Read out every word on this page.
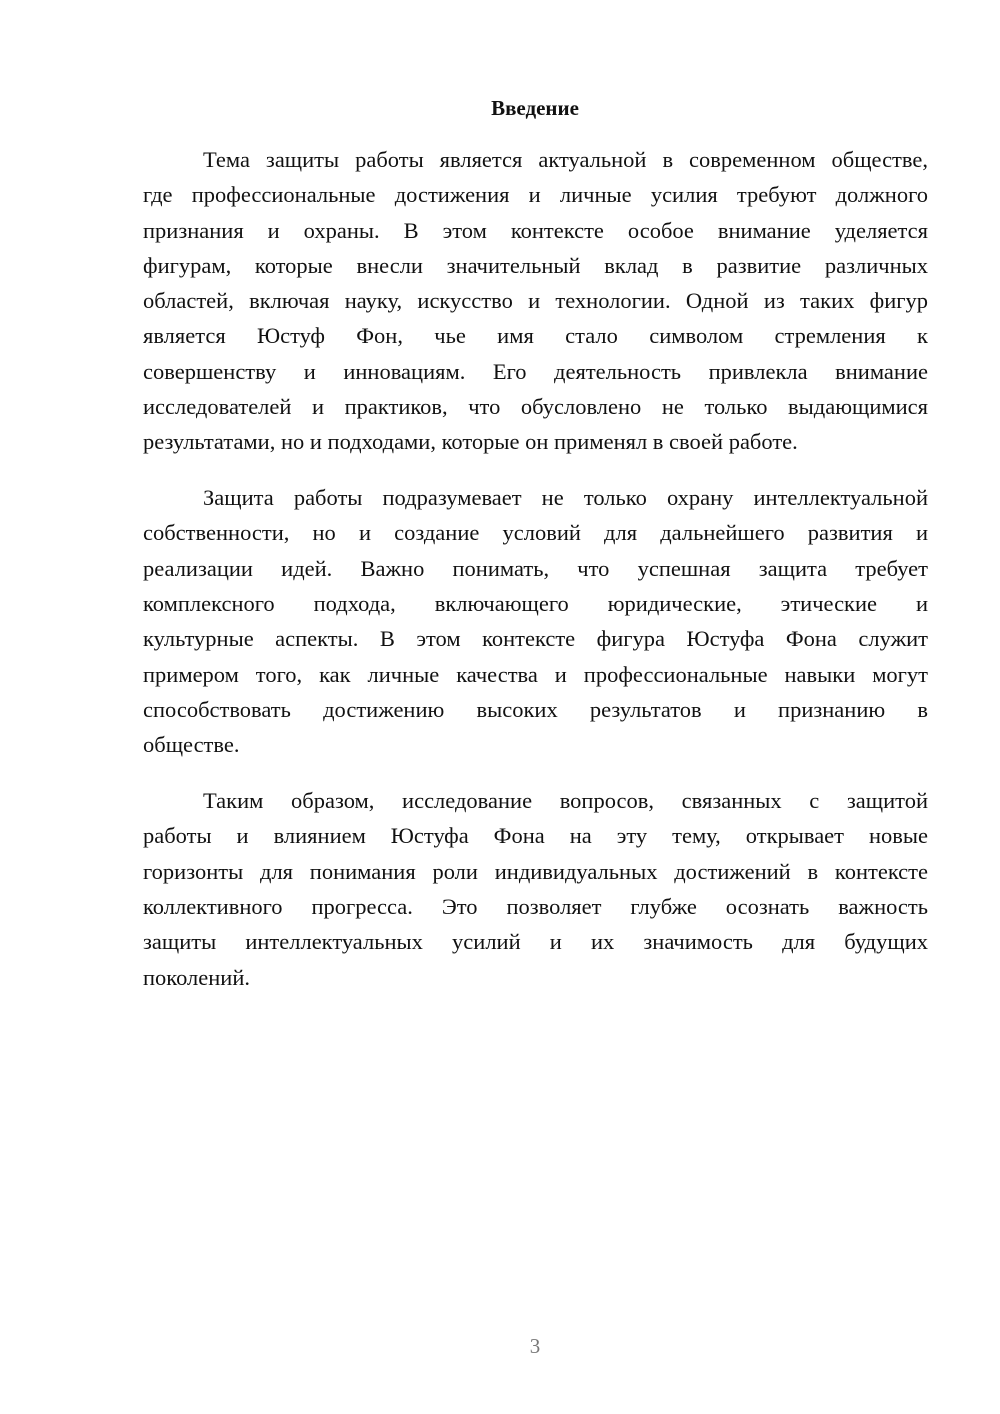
Введение
Тема защиты работы является актуальной в современном обществе,
где профессиональные достижения и личные усилия требуют должного
признания и охраны. В этом контексте особое внимание уделяется
фигурам, которые внесли значительный вклад в развитие различных
областей, включая науку, искусство и технологии. Одной из таких фигур
является Юстуф Фон, чье имя стало символом стремления к
совершенству и инновациям. Его деятельность привлекла внимание
исследователей и практиков, что обусловлено не только выдающимися
результатами, но и подходами, которые он применял в своей работе.
Защита работы подразумевает не только охрану интеллектуальной
собственности, но и создание условий для дальнейшего развития и
реализации идей. Важно понимать, что успешная защита требует
комплексного подхода, включающего юридические, этические и
культурные аспекты. В этом контексте фигура Юстуфа Фона служит
примером того, как личные качества и профессиональные навыки могут
способствовать достижению высоких результатов и признанию в
обществе.
Таким образом, исследование вопросов, связанных с защитой
работы и влиянием Юстуфа Фона на эту тему, открывает новые
горизонты для понимания роли индивидуальных достижений в контексте
коллективного прогресса. Это позволяет глубже осознать важность
защиты интеллектуальных усилий и их значимость для будущих
поколений.
3
